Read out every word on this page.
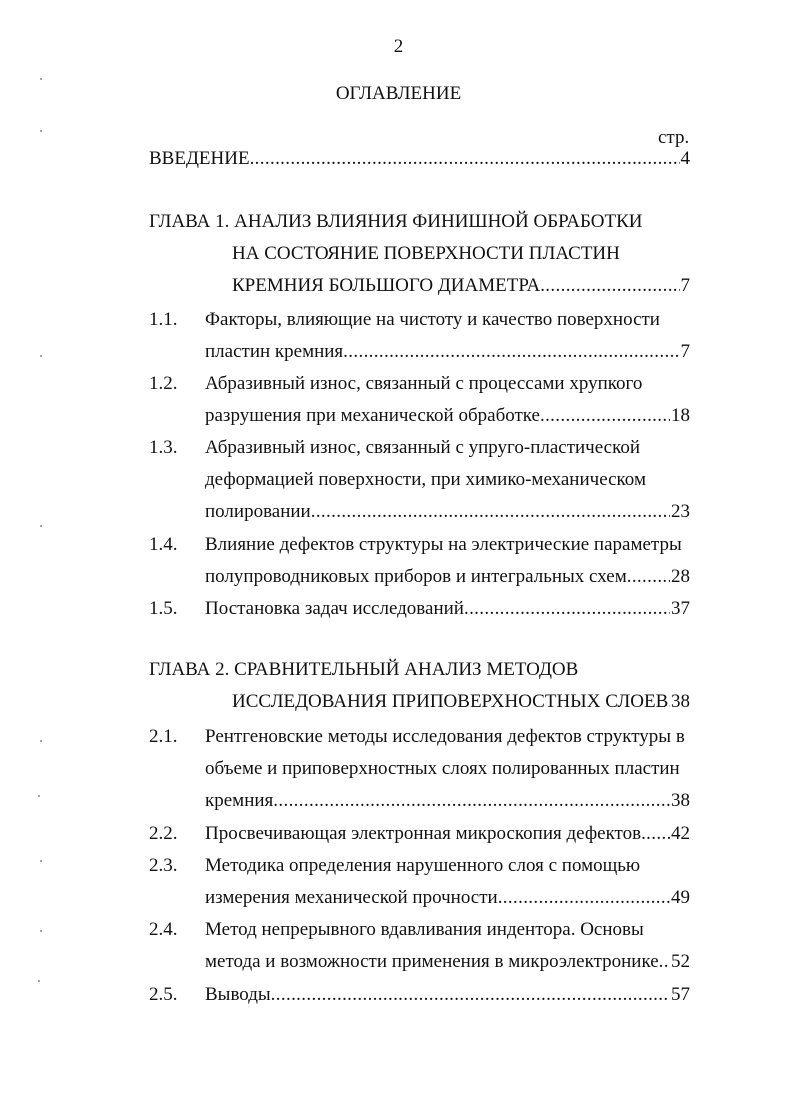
2
ОГЛАВЛЕНИЕ
стр.
ВВЕДЕНИЕ . . .	4
ГЛАВА 1. АНАЛИЗ ВЛИЯНИЯ ФИНИШНОЙ ОБРАБОТКИ
НА СОСТОЯНИЕ ПОВЕРХНОСТИ ПЛАСТИН
КРЕМНИЯ БОЛЬШОГО ДИАМЕТРА . . .	7
1.1. Факторы, влияющие на чистоту и качество поверхности
пластин кремния . . .	7
1.2. Абразивный износ, связанный с процессами хрупкого
разрушения при механической обработке . . .	18
1.3. Абразивный износ, связанный с упруго-пластической
деформацией поверхности, при химико-механическом
полировании . . .	23
1.4. Влияние дефектов структуры на электрические параметры
полупроводниковых приборов и интегральных схем . . . 28
1.5. Постановка задач исследований . . .	37
ГЛАВА 2. СРАВНИТЕЛЬНЫЙ АНАЛИЗ МЕТОДОВ
ИССЛЕДОВАНИЯ ПРИПОВЕРХНОСТНЫХ СЛОЕВ . . . 38
2.1. Рентгеновские методы исследования дефектов структуры в
объеме и приповерхностных слоях полированных пластин
кремния . . .	38
2.2. Просвечивающая электронная микроскопия дефектов . . . 42
2.3. Методика определения нарушенного слоя с помощью
измерения механической прочности . . .	49
2.4. Метод непрерывного вдавливания индентора. Основы
метода и возможности применения в микроэлектронике . . . 52
2.5. Выводы . . .	57
